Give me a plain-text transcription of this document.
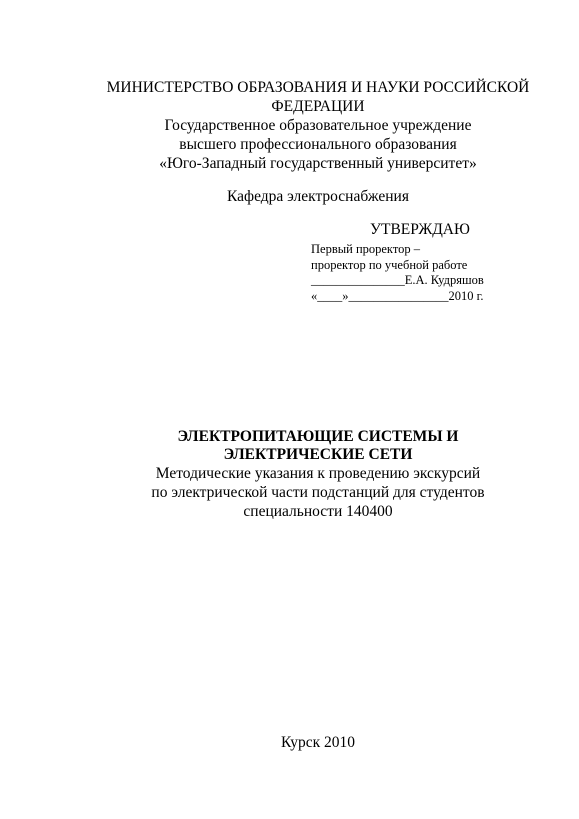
МИНИСТЕРСТВО ОБРАЗОВАНИЯ И НАУКИ РОССИЙСКОЙ
ФЕДЕРАЦИИ
Государственное образовательное учреждение
высшего профессионального образования
«Юго-Западный государственный университет»
Кафедра электроснабжения
УТВЕРЖДАЮ
Первый проректор –
проректор по учебной работе
_______________Е.А. Кудряшов
«____»________________2010 г.
ЭЛЕКТРОПИТАЮЩИЕ СИСТЕМЫ И
ЭЛЕКТРИЧЕСКИЕ СЕТИ
Методические указания к проведению экскурсий
по электрической части подстанций для студентов
специальности 140400
Курск 2010
